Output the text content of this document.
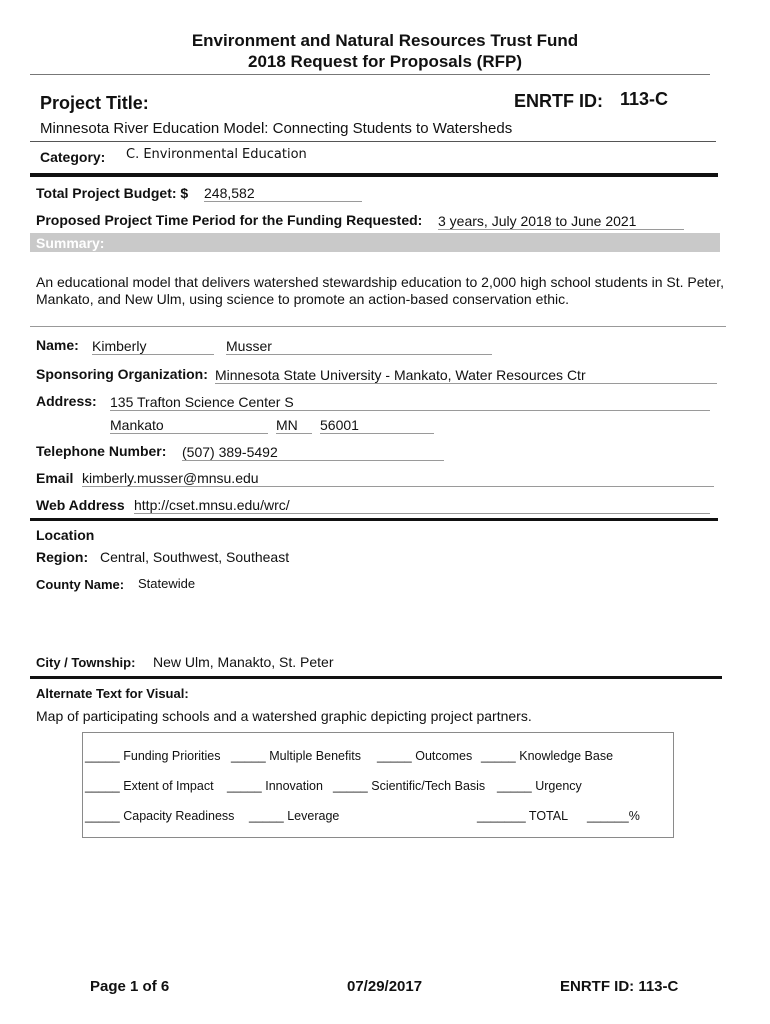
Environment and Natural Resources Trust Fund
2018 Request for Proposals (RFP)
Project Title:	ENRTF ID: 113-C
Minnesota River Education Model: Connecting Students to Watersheds
Category: C. Environmental Education
Total Project Budget: $ 248,582
Proposed Project Time Period for the Funding Requested: 3 years, July 2018 to June 2021
Summary:
An educational model that delivers watershed stewardship education to 2,000 high school students in St. Peter,
Mankato, and New Ulm, using science to promote an action-based conservation ethic.
Name: Kimberly	Musser
Sponsoring Organization: Minnesota State University - Mankato, Water Resources Ctr
Address: 135 Trafton Science Center S
Mankato	MN	56001
Telephone Number: (507) 389-5492
Email kimberly.musser@mnsu.edu
Web Address http://cset.mnsu.edu/wrc/
Location
Region: Central, Southwest, Southeast
County Name: Statewide
City / Township: New Ulm, Manakto, St. Peter
Alternate Text for Visual:
Map of participating schools and a watershed graphic depicting project partners.
_____ Funding Priorities _____ Multiple Benefits _____ Outcomes _____ Knowledge Base
_____ Extent of Impact _____ Innovation _____ Scientific/Tech Basis _____ Urgency
_____ Capacity Readiness _____ Leverage	_______ TOTAL ______%
Page 1 of 6	07/29/2017	ENRTF ID: 113-C
